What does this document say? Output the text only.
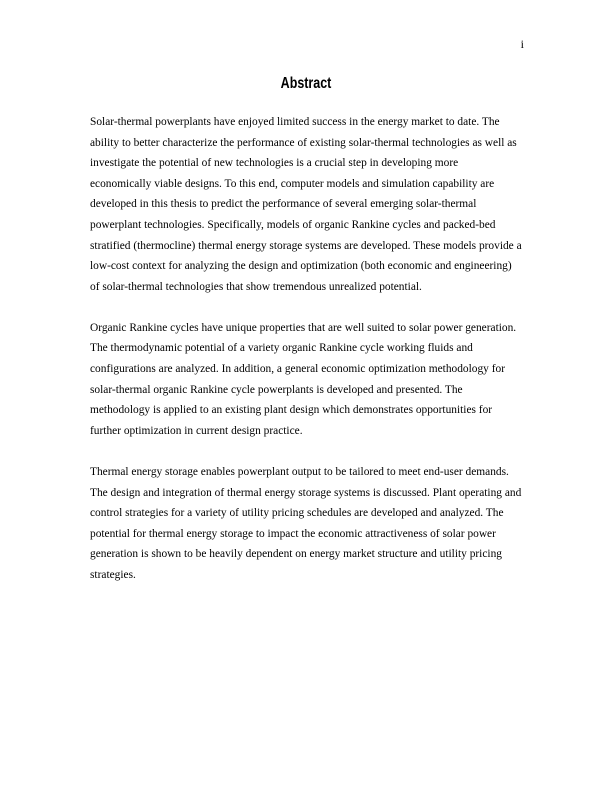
i
Abstract

Solar-thermal powerplants have enjoyed limited success in the energy market to date. The ability to better characterize the performance of existing solar-thermal technologies as well as investigate the potential of new technologies is a crucial step in developing more economically viable designs. To this end, computer models and simulation capability are developed in this thesis to predict the performance of several emerging solar-thermal powerplant technologies. Specifically, models of organic Rankine cycles and packed-bed stratified (thermocline) thermal energy storage systems are developed. These models provide a low-cost context for analyzing the design and optimization (both economic and engineering) of solar-thermal technologies that show tremendous unrealized potential.

Organic Rankine cycles have unique properties that are well suited to solar power generation. The thermodynamic potential of a variety organic Rankine cycle working fluids and configurations are analyzed. In addition, a general economic optimization methodology for solar-thermal organic Rankine cycle powerplants is developed and presented. The methodology is applied to an existing plant design which demonstrates opportunities for further optimization in current design practice.

Thermal energy storage enables powerplant output to be tailored to meet end-user demands. The design and integration of thermal energy storage systems is discussed. Plant operating and control strategies for a variety of utility pricing schedules are developed and analyzed. The potential for thermal energy storage to impact the economic attractiveness of solar power generation is shown to be heavily dependent on energy market structure and utility pricing strategies.
